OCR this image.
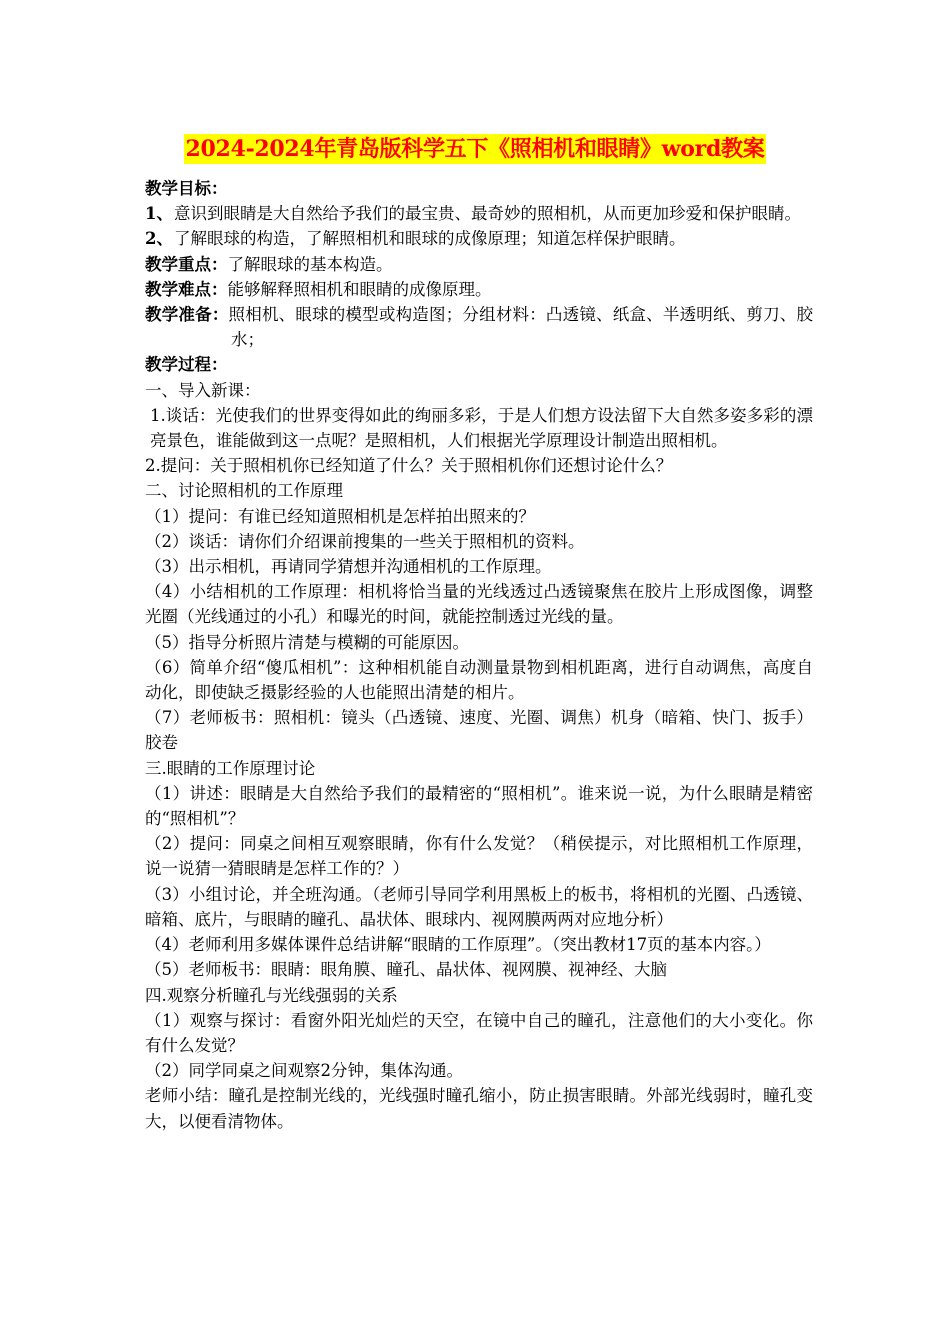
2024-2024年青岛版科学五下《照相机和眼睛》word教案

教学目标：

1、意识到眼睛是大自然给予我们的最宝贵、最奇妙的照相机，从而更加珍爱和保护眼睛。

2、了解眼球的构造，了解照相机和眼球的成像原理；知道怎样保护眼睛。

教学重点：了解眼球的基本构造。

教学难点：能够解释照相机和眼睛的成像原理。

教学准备：照相机、眼球的模型或构造图；分组材料：凸透镜、纸盒、半透明纸、剪刀、胶水；

教学过程：

一、导入新课：

1.谈话：光使我们的世界变得如此的绚丽多彩，于是人们想方设法留下大自然多姿多彩的漂亮景色，谁能做到这一点呢？是照相机，人们根据光学原理设计制造出照相机。

2.提问：关于照相机你已经知道了什么？关于照相机你们还想讨论什么？

二、讨论照相机的工作原理

（1）提问：有谁已经知道照相机是怎样拍出照来的？

（2）谈话：请你们介绍课前搜集的一些关于照相机的资料。

（3）出示相机，再请同学猜想并沟通相机的工作原理。

（4）小结相机的工作原理：相机将恰当量的光线透过凸透镜聚焦在胶片上形成图像，调整光圈（光线通过的小孔）和曝光的时间，就能控制透过光线的量。

（5）指导分析照片清楚与模糊的可能原因。

（6）简单介绍“傻瓜相机”：这种相机能自动测量景物到相机距离，进行自动调焦，高度自动化，即使缺乏摄影经验的人也能照出清楚的相片。

（7）老师板书：照相机：镜头（凸透镜、速度、光圈、调焦）机身（暗箱、快门、扳手）胶卷

三.眼睛的工作原理讨论

（1）讲述：眼睛是大自然给予我们的最精密的“照相机”。谁来说一说，为什么眼睛是精密的“照相机”？

（2）提问：同桌之间相互观察眼睛，你有什么发觉？（稍侯提示，对比照相机工作原理，说一说猜一猜眼睛是怎样工作的？）

（3）小组讨论，并全班沟通。（老师引导同学利用黑板上的板书，将相机的光圈、凸透镜、暗箱、底片，与眼睛的瞳孔、晶状体、眼球内、视网膜两两对应地分析）

（4）老师利用多媒体课件总结讲解“眼睛的工作原理”。（突出教材17页的基本内容。）

（5）老师板书：眼睛：眼角膜、瞳孔、晶状体、视网膜、视神经、大脑

四.观察分析瞳孔与光线强弱的关系

（1）观察与探讨：看窗外阳光灿烂的天空，在镜中自己的瞳孔，注意他们的大小变化。你有什么发觉？

（2）同学同桌之间观察2分钟，集体沟通。

老师小结：瞳孔是控制光线的，光线强时瞳孔缩小，防止损害眼睛。外部光线弱时，瞳孔变大，以便看清物体。
